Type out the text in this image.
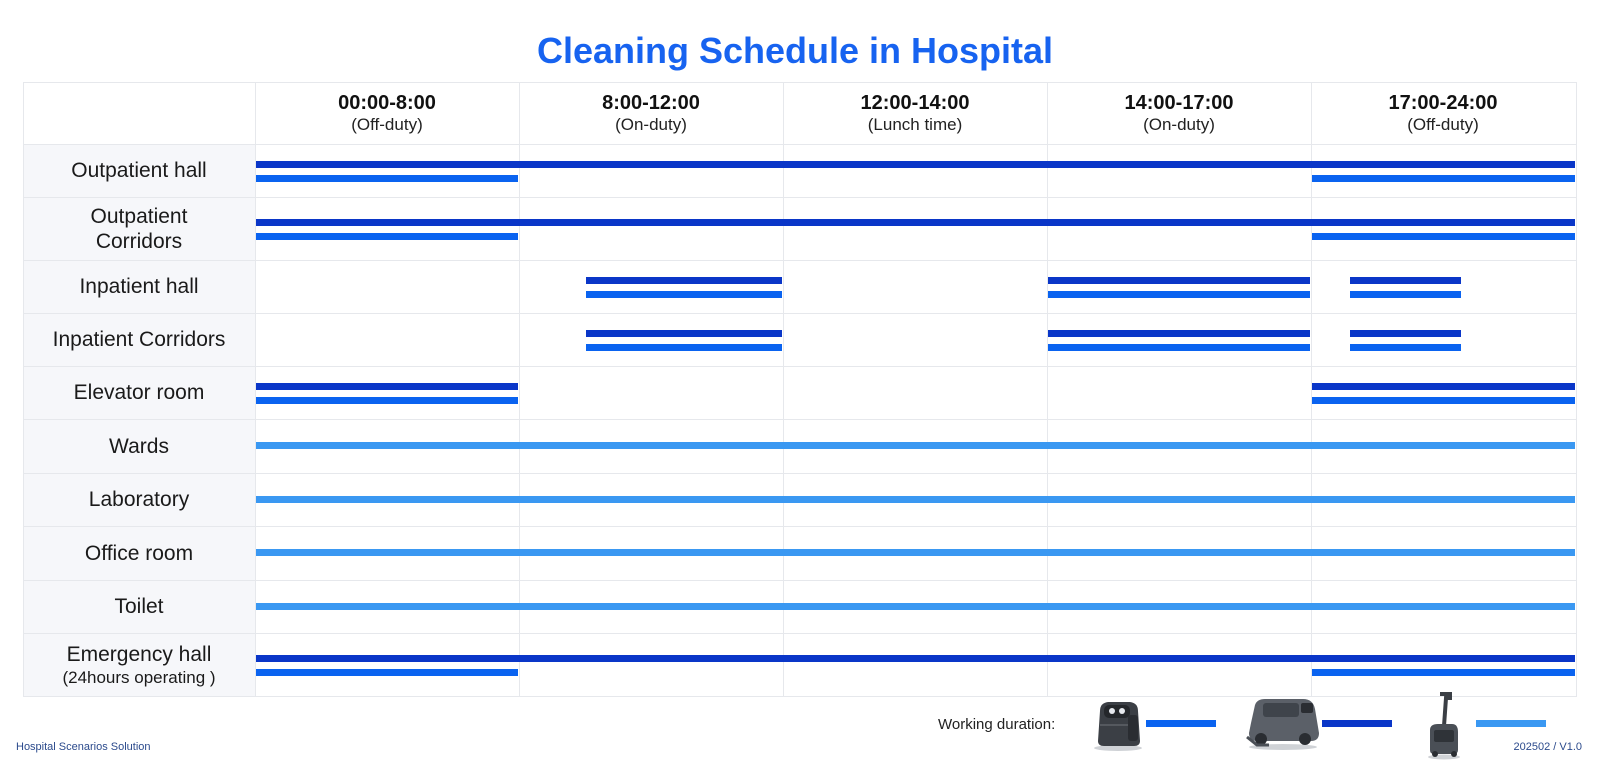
Cleaning Schedule in Hospital
00:00-8:00
(Off-duty)
8:00-12:00
(On-duty)
12:00-14:00
(Lunch time)
14:00-17:00
(On-duty)
17:00-24:00
(Off-duty)
Outpatient hall
Outpatient Corridors
Inpatient hall
Inpatient Corridors
Elevator room
Wards
Laboratory
Office room
Toilet
Emergency hall
(24hours operating )
Working duration:
Hospital Scenarios Solution	202502 / V1.0
